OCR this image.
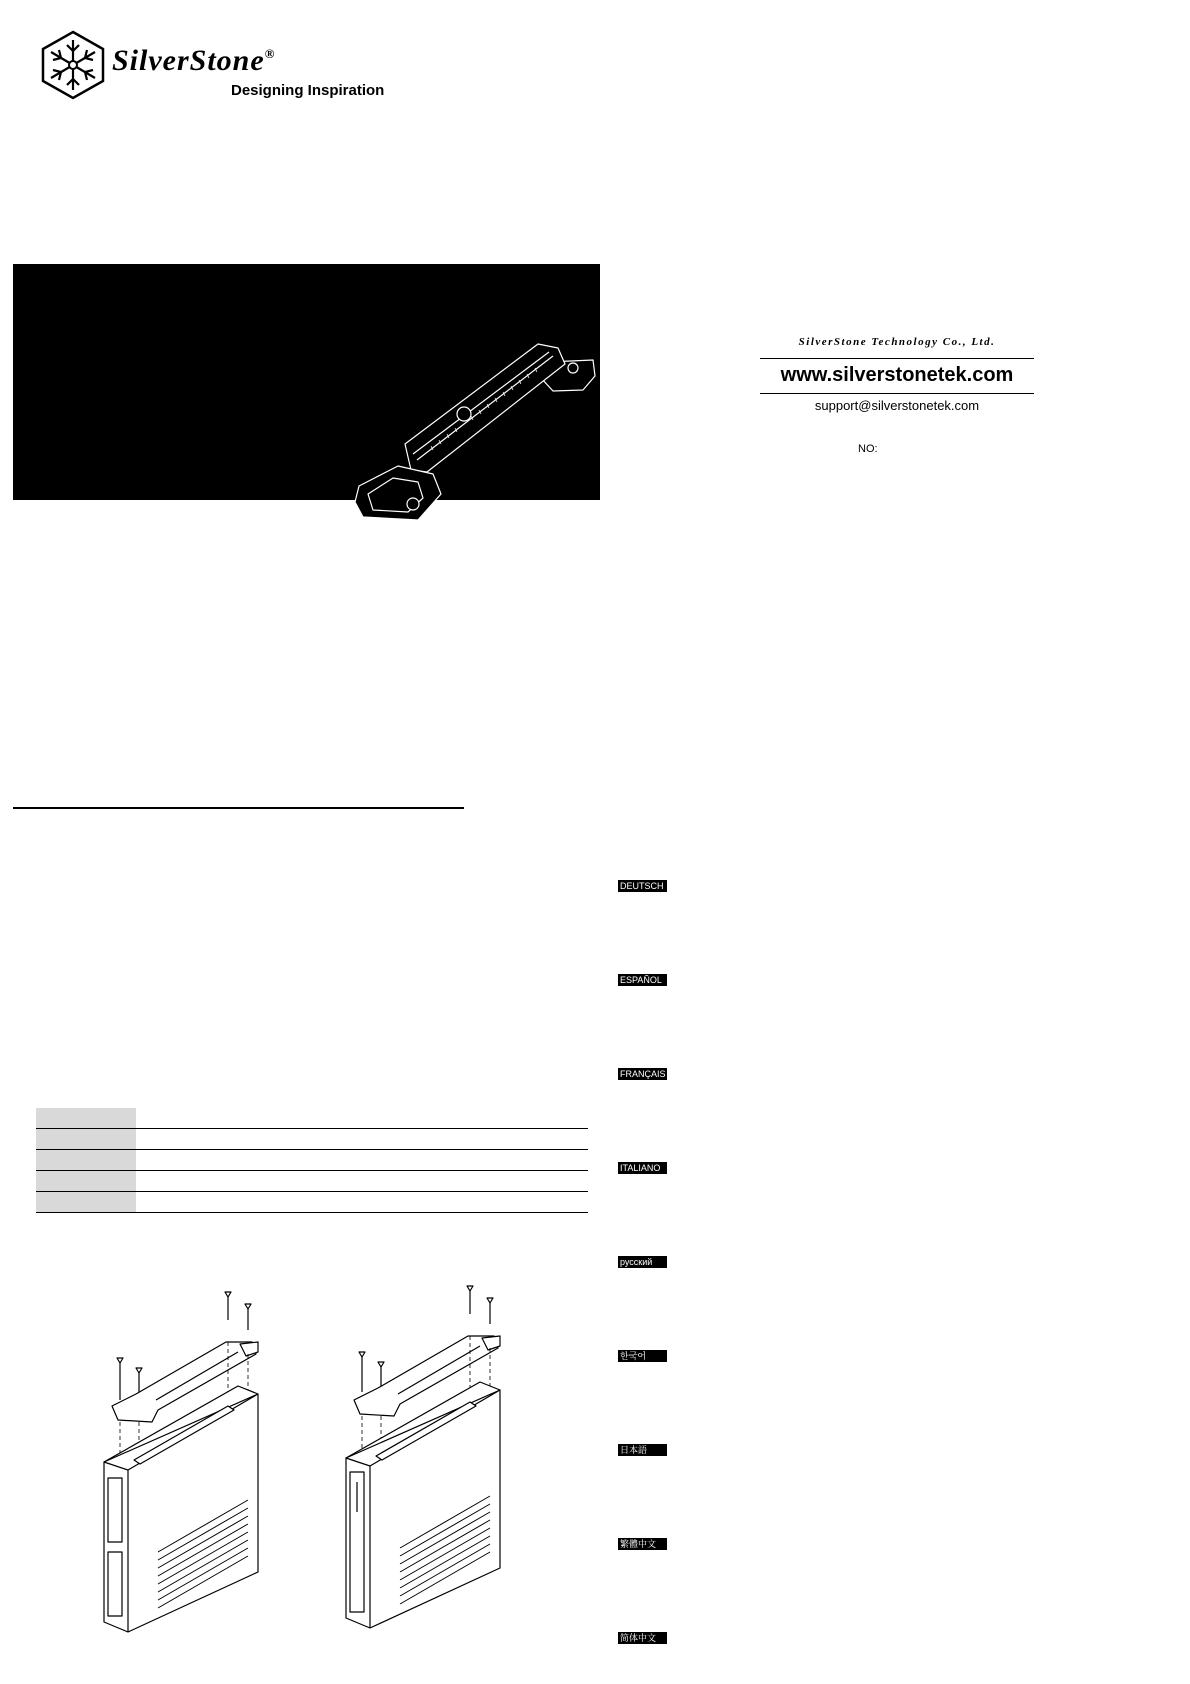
SilverStone®
Designing Inspiration
SilverStone Technology Co., Ltd.
www.silverstonetek.com
support@silverstonetek.com
NO:
DEUTSCH
ESPAÑOL
FRANÇAIS
ITALIANO
русский
한국어
日本語
繁體中文
简体中文
